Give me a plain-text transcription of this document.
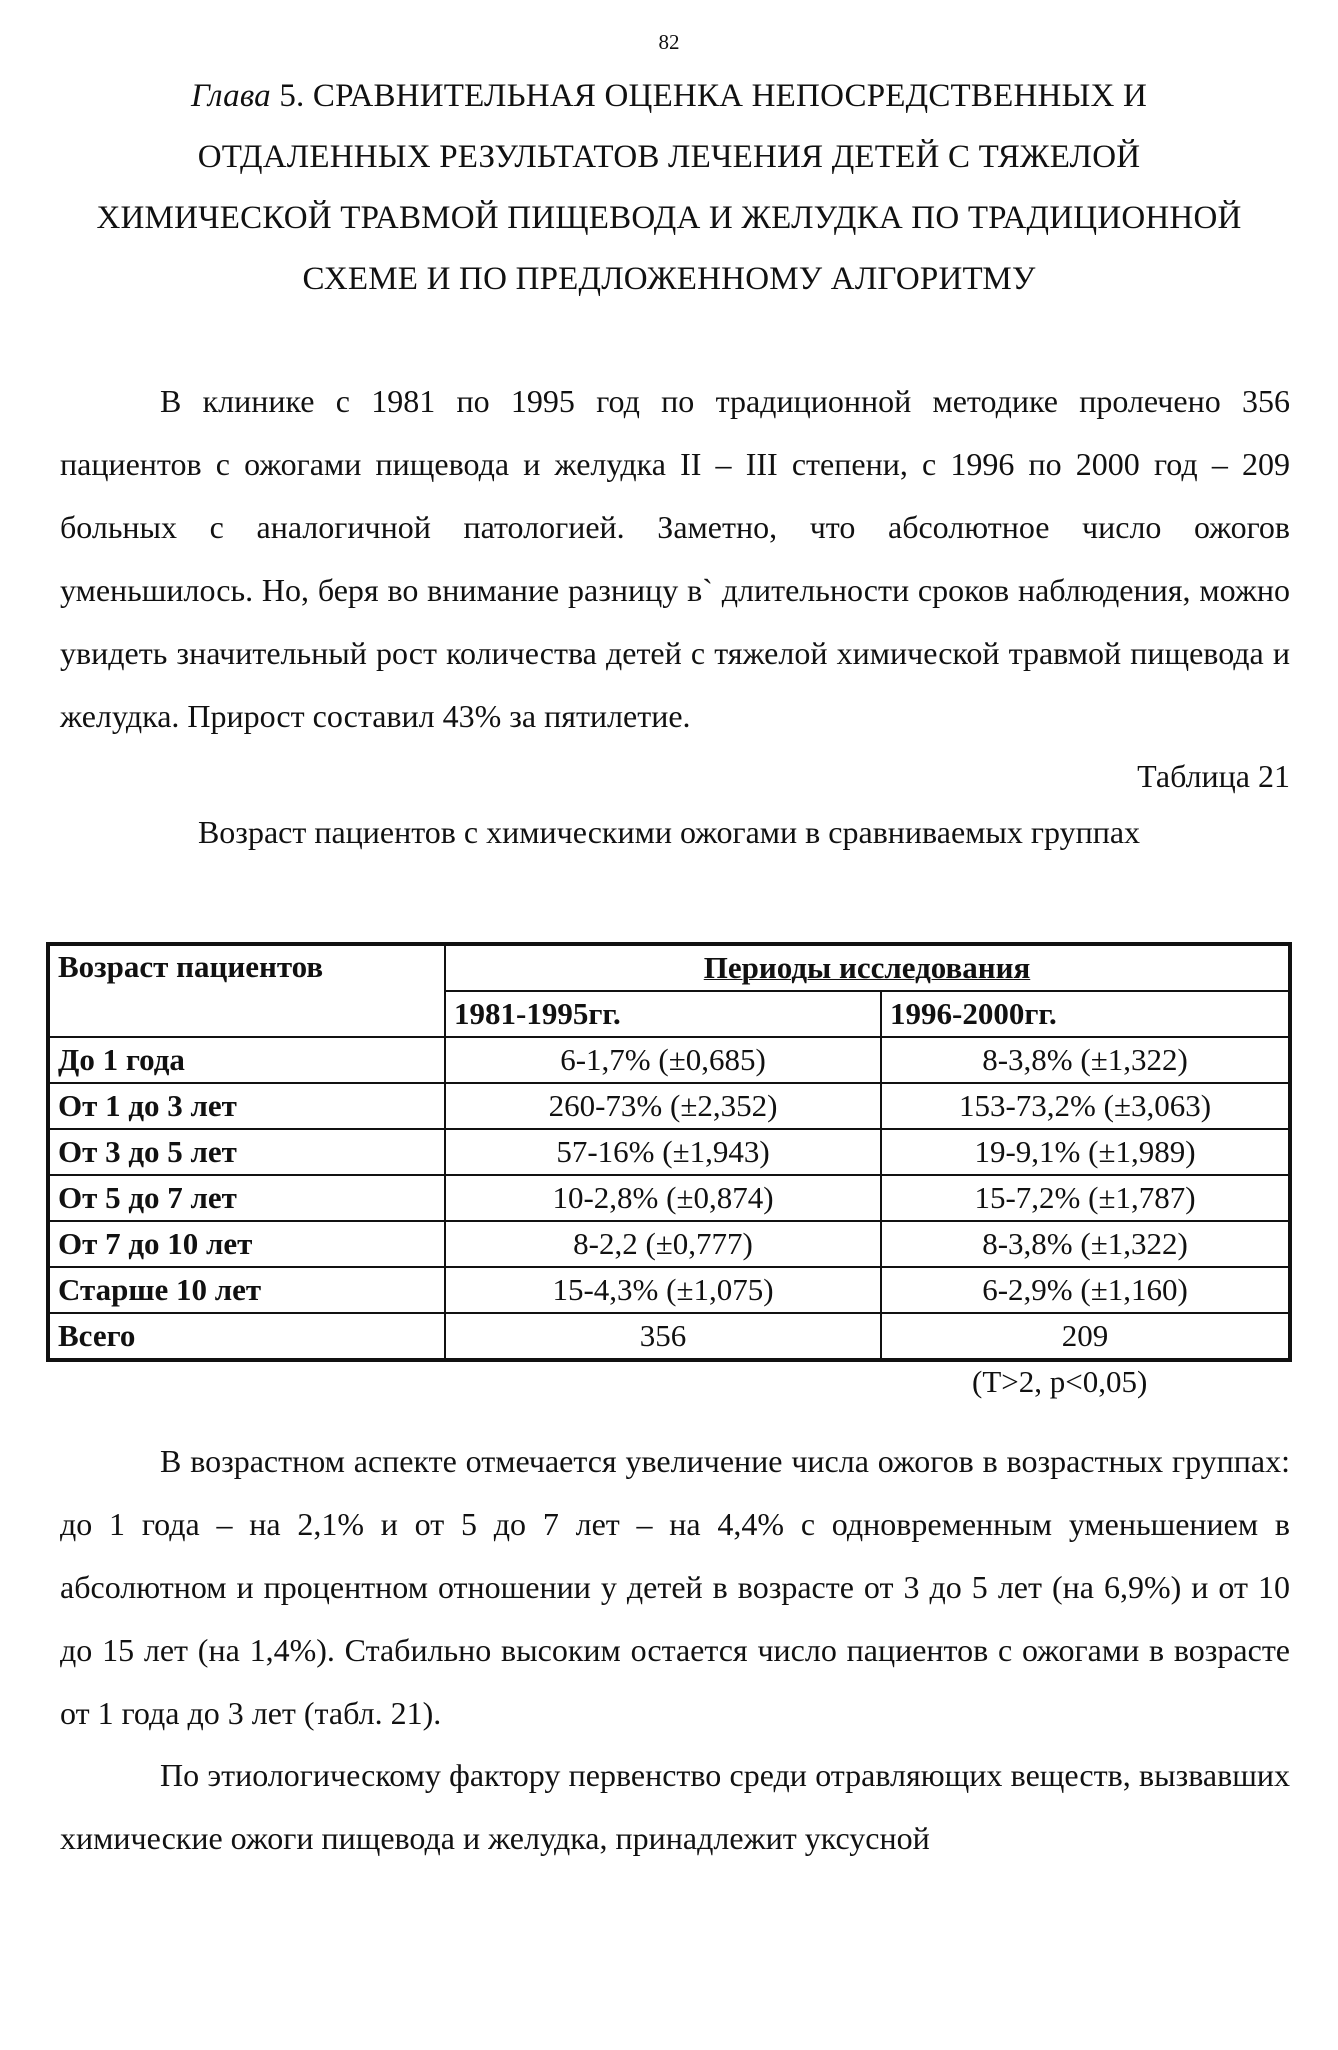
82
Глава 5. СРАВНИТЕЛЬНАЯ ОЦЕНКА НЕПОСРЕДСТВЕННЫХ И ОТДАЛЕННЫХ РЕЗУЛЬТАТОВ ЛЕЧЕНИЯ ДЕТЕЙ С ТЯЖЕЛОЙ ХИМИЧЕСКОЙ ТРАВМОЙ ПИЩЕВОДА И ЖЕЛУДКА ПО ТРАДИЦИОННОЙ СХЕМЕ И ПО ПРЕДЛОЖЕННОМУ АЛГОРИТМУ

В клинике с 1981 по 1995 год по традиционной методике пролечено 356 пациентов с ожогами пищевода и желудка II – III степени, с 1996 по 2000 год – 209 больных с аналогичной патологией. Заметно, что абсолютное число ожогов уменьшилось. Но, беря во внимание разницу в` длительности сроков наблюдения, можно увидеть значительный рост количества детей с тяжелой химической травмой пищевода и желудка. Прирост составил 43% за пятилетие.

Таблица 21
Возраст пациентов с химическими ожогами в сравниваемых группах
Возраст пациентов	Периоды исследования	
	1981-1995гг.	1996-2000гг.
До 1 года	6-1,7% (±0,685)	8-3,8% (±1,322)
От 1 до 3 лет	260-73% (±2,352)	153-73,2% (±3,063)
От 3 до 5 лет	57-16% (±1,943)	19-9,1% (±1,989)
От 5 до 7 лет	10-2,8% (±0,874)	15-7,2% (±1,787)
От 7 до 10 лет	8-2,2 (±0,777)	8-3,8% (±1,322)
Старше 10 лет	15-4,3% (±1,075)	6-2,9% (±1,160)
Всего	356	209
(T>2, p<0,05)

В возрастном аспекте отмечается увеличение числа ожогов в возрастных группах: до 1 года – на 2,1% и от 5 до 7 лет – на 4,4% с одновременным уменьшением в абсолютном и процентном отношении у детей в возрасте от 3 до 5 лет (на 6,9%) и от 10 до 15 лет (на 1,4%). Стабильно высоким остается число пациентов с ожогами в возрасте от 1 года до 3 лет (табл. 21).

По этиологическому фактору первенство среди отравляющих веществ, вызвавших химические ожоги пищевода и желудка, принадлежит уксусной
